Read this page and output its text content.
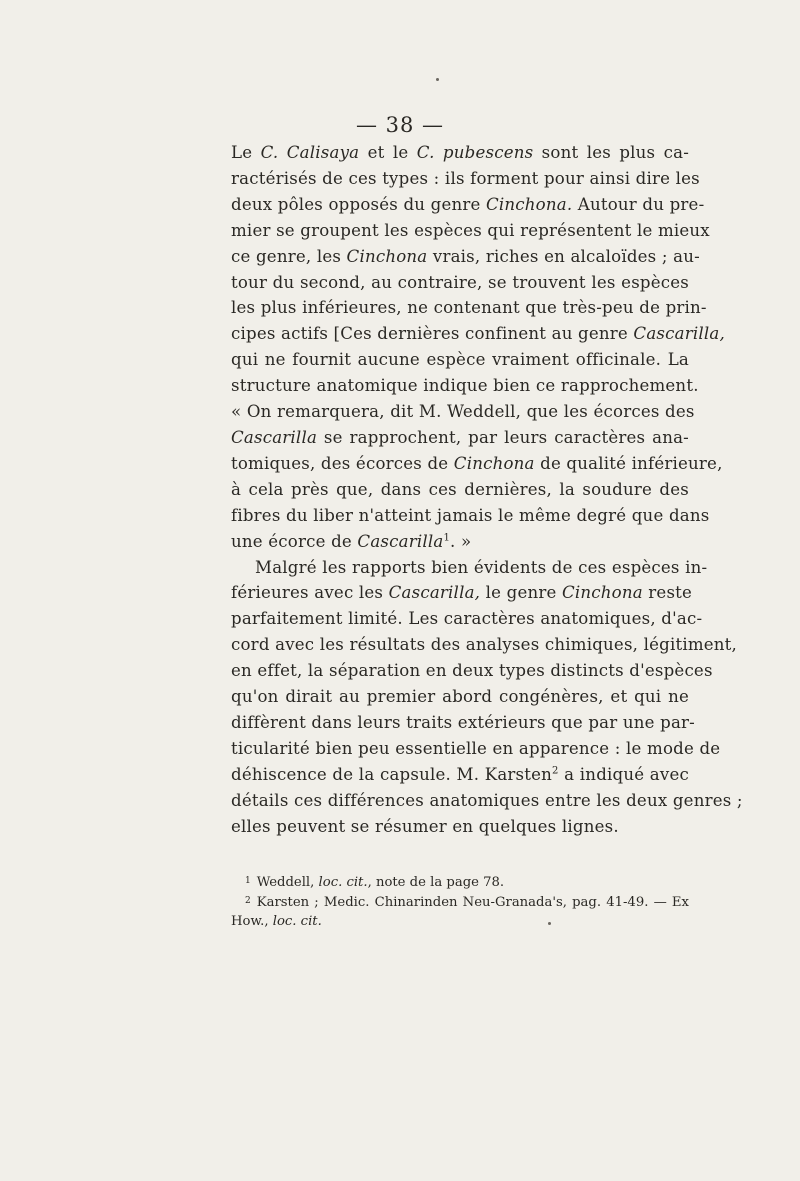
— 38 —
Le C. Calisaya et le C. pubescens sont les plus ca-
ractérisés de ces types : ils forment pour ainsi dire les
deux pôles opposés du genre Cinchona. Autour du pre-
mier se groupent les espèces qui représentent le mieux
ce genre, les Cinchona vrais, riches en alcaloïdes ; au-
tour du second, au contraire, se trouvent les espèces
les plus inférieures, ne contenant que très-peu de prin-
cipes actifs [Ces dernières confinent au genre Cascarilla,
qui ne fournit aucune espèce vraiment officinale. La
structure anatomique indique bien ce rapprochement.
« On remarquera, dit M. Weddell, que les écorces des
Cascarilla se rapprochent, par leurs caractères ana-
tomiques, des écorces de Cinchona de qualité inférieure,
à cela près que, dans ces dernières, la soudure des
fibres du liber n'atteint jamais le même degré que dans
une écorce de Cascarilla$^1$. »
Malgré les rapports bien évidents de ces espèces in-
férieures avec les Cascarilla, le genre Cinchona reste
parfaitement limité. Les caractères anatomiques, d'ac-
cord avec les résultats des analyses chimiques, légitiment,
en effet, la séparation en deux types distincts d'espèces
qu'on dirait au premier abord congénères, et qui ne
diffèrent dans leurs traits extérieurs que par une par-
ticularité bien peu essentielle en apparence : le mode de
déhiscence de la capsule. M. Karsten$^2$ a indiqué avec
détails ces différences anatomiques entre les deux genres ;
elles peuvent se résumer en quelques lignes.
$^1$ Weddell, loc. cit., note de la page 78.
$^2$ Karsten ; Medic. Chinarinden Neu-Granada's, pag. 41-49. — Ex
How., loc. cit.
